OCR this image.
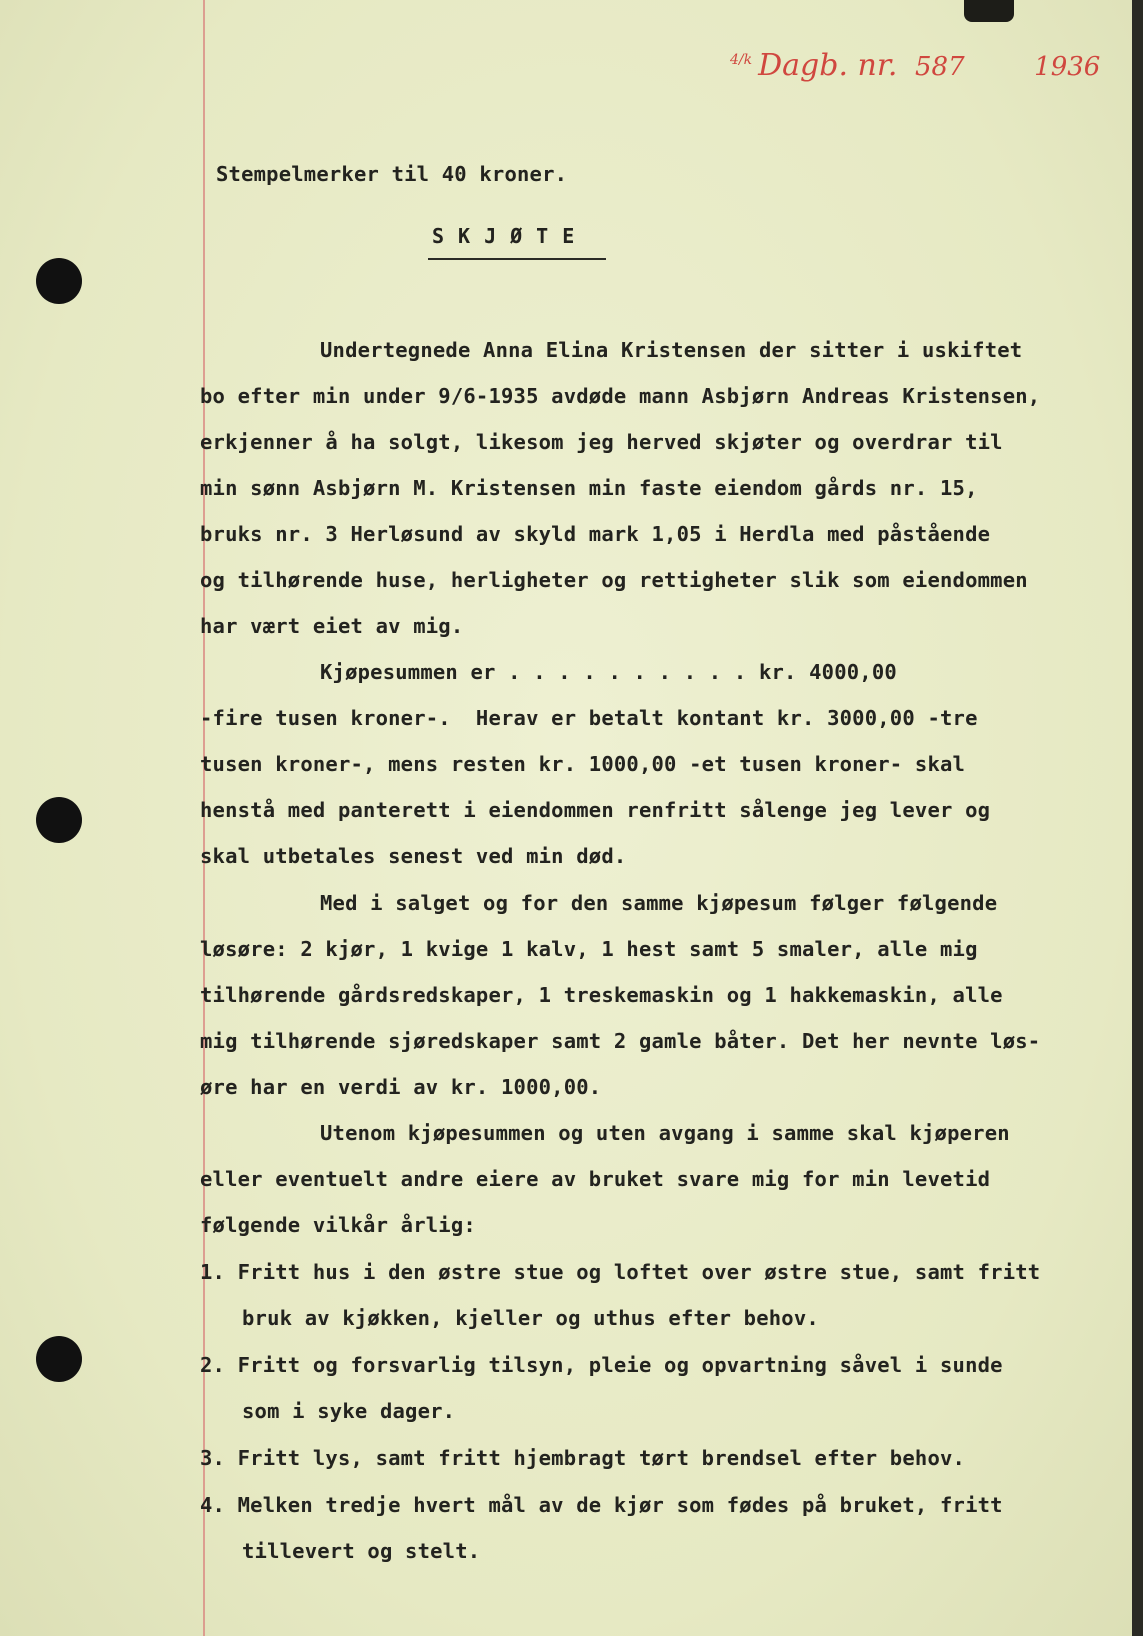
$^{4/k}$ Dagb. nr. 587	1936
Stempelmerker til 40 kroner.
SKJØTE
Undertegnede Anna Elina Kristensen der sitter i uskiftet
bo efter min under 9/6-1935 avdøde mann Asbjørn Andreas Kristensen,
erkjenner å ha solgt, likesom jeg herved skjøter og overdrar til
min sønn Asbjørn M. Kristensen min faste eiendom gårds nr. 15,
bruks nr. 3 Herløsund av skyld mark 1,05 i Herdla med påstående
og tilhørende huse, herligheter og rettigheter slik som eiendommen
har vært eiet av mig.
Kjøpesummen er . . . . . . . . . . kr. 4000,00
-fire tusen kroner-.  Herav er betalt kontant kr. 3000,00 -tre
tusen kroner-, mens resten kr. 1000,00 -et tusen kroner- skal
henstå med panterett i eiendommen renfritt sålenge jeg lever og
skal utbetales senest ved min død.
Med i salget og for den samme kjøpesum følger følgende
løsøre: 2 kjør, 1 kvige 1 kalv, 1 hest samt 5 smaler, alle mig
tilhørende gårdsredskaper, 1 treskemaskin og 1 hakkemaskin, alle
mig tilhørende sjøredskaper samt 2 gamle båter. Det her nevnte løs-
øre har en verdi av kr. 1000,00.
Utenom kjøpesummen og uten avgang i samme skal kjøperen
eller eventuelt andre eiere av bruket svare mig for min levetid
følgende vilkår årlig:
1. Fritt hus i den østre stue og loftet over østre stue, samt fritt
bruk av kjøkken, kjeller og uthus efter behov.
2. Fritt og forsvarlig tilsyn, pleie og opvartning såvel i sunde
som i syke dager.
3. Fritt lys, samt fritt hjembragt tørt brendsel efter behov.
4. Melken tredje hvert mål av de kjør som fødes på bruket, fritt
tillevert og stelt.
